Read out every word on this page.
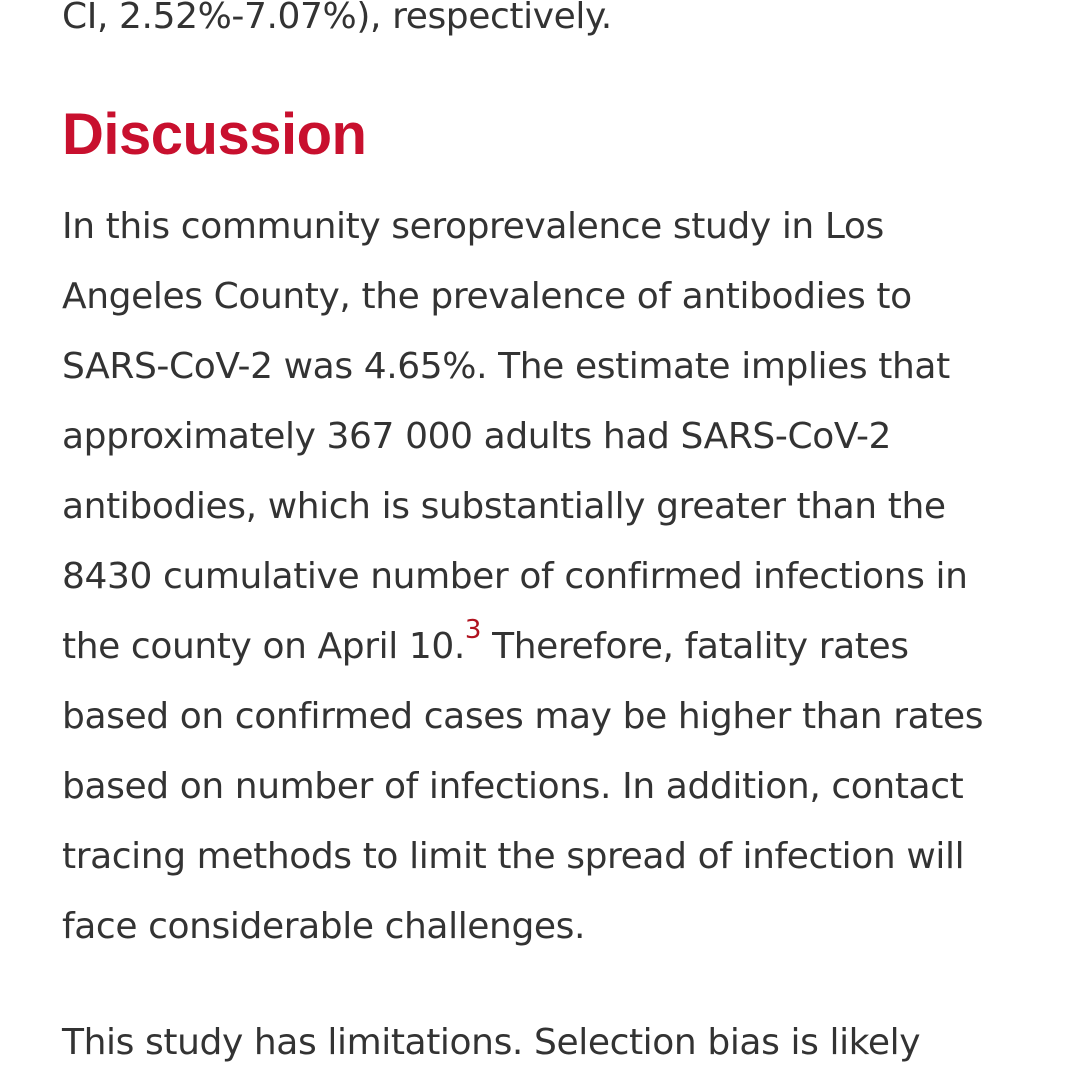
CI, 2.52%-7.07%), respectively.

Discussion

In this community seroprevalence study in Los Angeles County, the prevalence of antibodies to SARS-CoV-2 was 4.65%. The estimate implies that approximately 367 000 adults had SARS-CoV-2 antibodies, which is substantially greater than the 8430 cumulative number of confirmed infections in the county on April 10.$^3$ Therefore, fatality rates based on confirmed cases may be higher than rates based on number of infections. In addition, contact tracing methods to limit the spread of infection will face considerable challenges.

This study has limitations. Selection bias is likely
